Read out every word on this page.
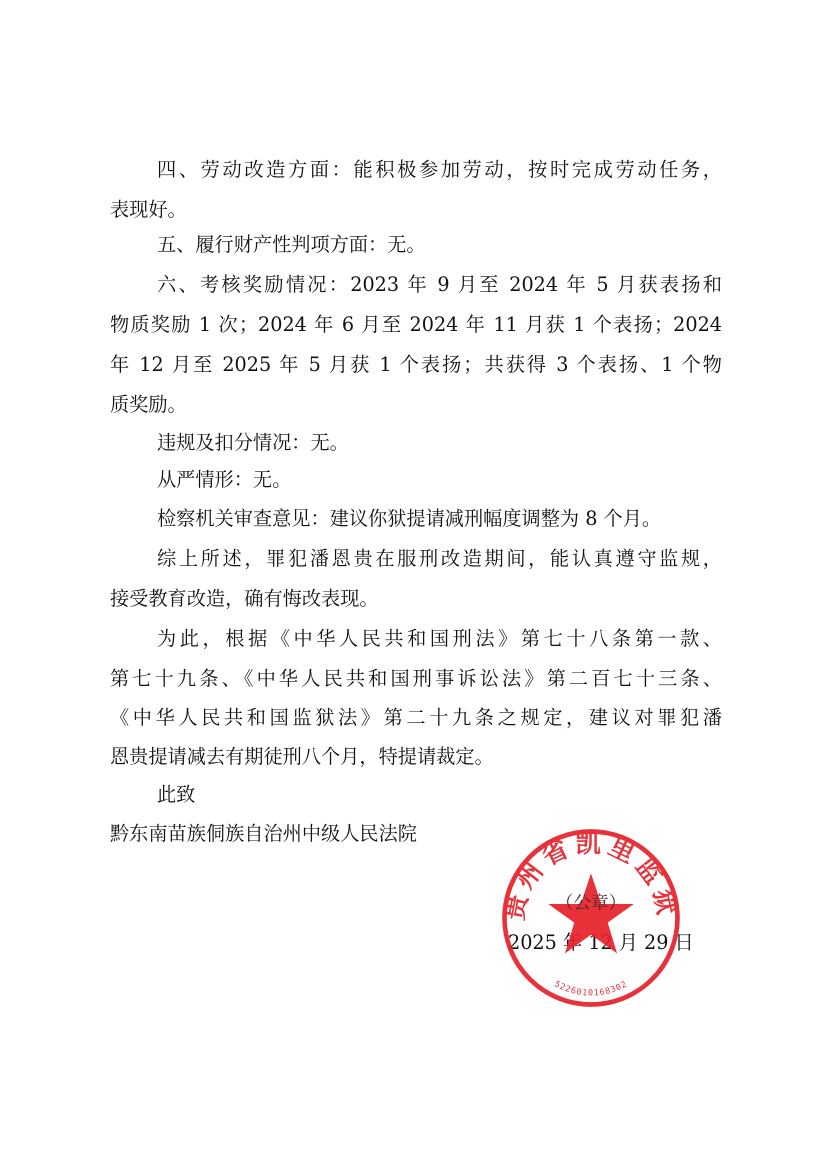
四、劳动改造方面：能积极参加劳动，按时完成劳动任务，
表现好。
五、履行财产性判项方面：无。
六、考核奖励情况：2023 年 9 月至 2024 年 5 月获表扬和
物质奖励 1 次；2024 年 6 月至 2024 年 11 月获 1 个表扬；2024
年 12 月至 2025 年 5 月获 1 个表扬；共获得 3 个表扬、1 个物
质奖励。
违规及扣分情况：无。
从严情形：无。
检察机关审查意见：建议你狱提请减刑幅度调整为 8 个月。
综上所述，罪犯潘恩贵在服刑改造期间，能认真遵守监规，
接受教育改造，确有悔改表现。
为此，根据《中华人民共和国刑法》第七十八条第一款、
第七十九条、《中华人民共和国刑事诉讼法》第二百七十三条、
《中华人民共和国监狱法》第二十九条之规定，建议对罪犯潘
恩贵提请减去有期徒刑八个月，特提请裁定。
此致
黔东南苗族侗族自治州中级人民法院
2025 年 12 月 29 日
贵州省凯里监狱
（公章）
5226010168302
